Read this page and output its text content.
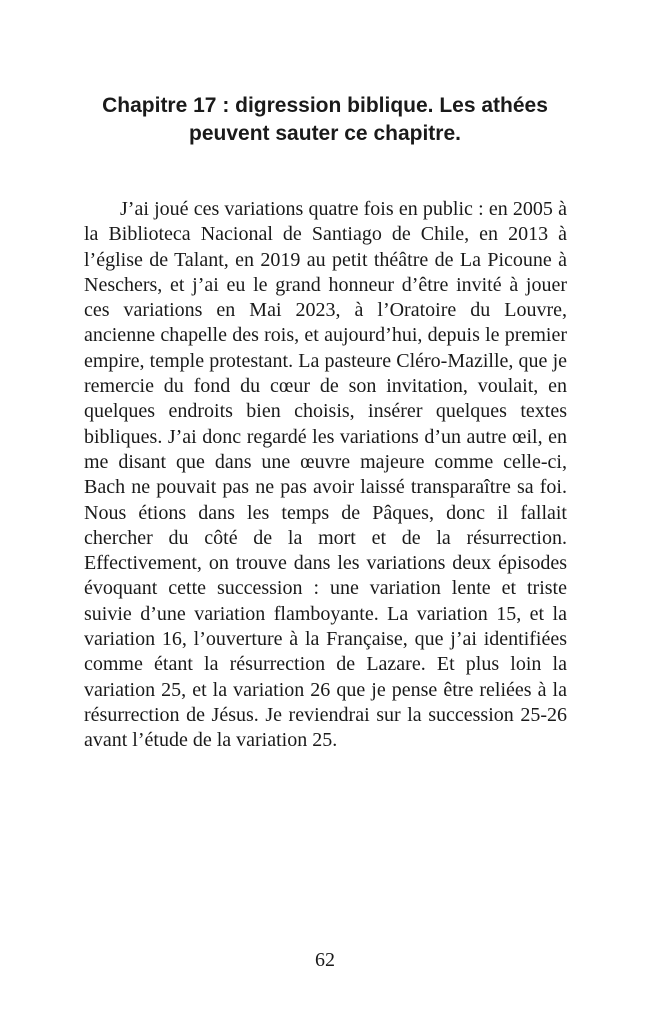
Chapitre 17 : digression biblique. Les athées
peuvent sauter ce chapitre.

J’ai joué ces variations quatre fois en public : en 2005 à la Biblioteca Nacional de Santiago de Chile, en 2013 à l’église de Talant, en 2019 au petit théâtre de La Picoune à Neschers, et j’ai eu le grand honneur d’être invité à jouer ces variations en Mai 2023, à l’Oratoire du Louvre, ancienne chapelle des rois, et aujourd’hui, depuis le premier empire, temple protestant. La pasteure Cléro-Mazille, que je remercie du fond du cœur de son invitation, voulait, en quelques endroits bien choisis, insérer quelques textes bibliques. J’ai donc regardé les variations d’un autre œil, en me disant que dans une œuvre majeure comme celle-ci, Bach ne pouvait pas ne pas avoir laissé transparaître sa foi. Nous étions dans les temps de Pâques, donc il fallait chercher du côté de la mort et de la résurrection. Effectivement, on trouve dans les variations deux épisodes évoquant cette succession : une variation lente et triste suivie d’une variation flamboyante. La variation 15, et la variation 16, l’ouverture à la Française, que j’ai identifiées comme étant la résurrection de Lazare. Et plus loin la variation 25, et la variation 26 que je pense être reliées à la résurrection de Jésus. Je reviendrai sur la succession 25-26 avant l’étude de la variation 25.

62
